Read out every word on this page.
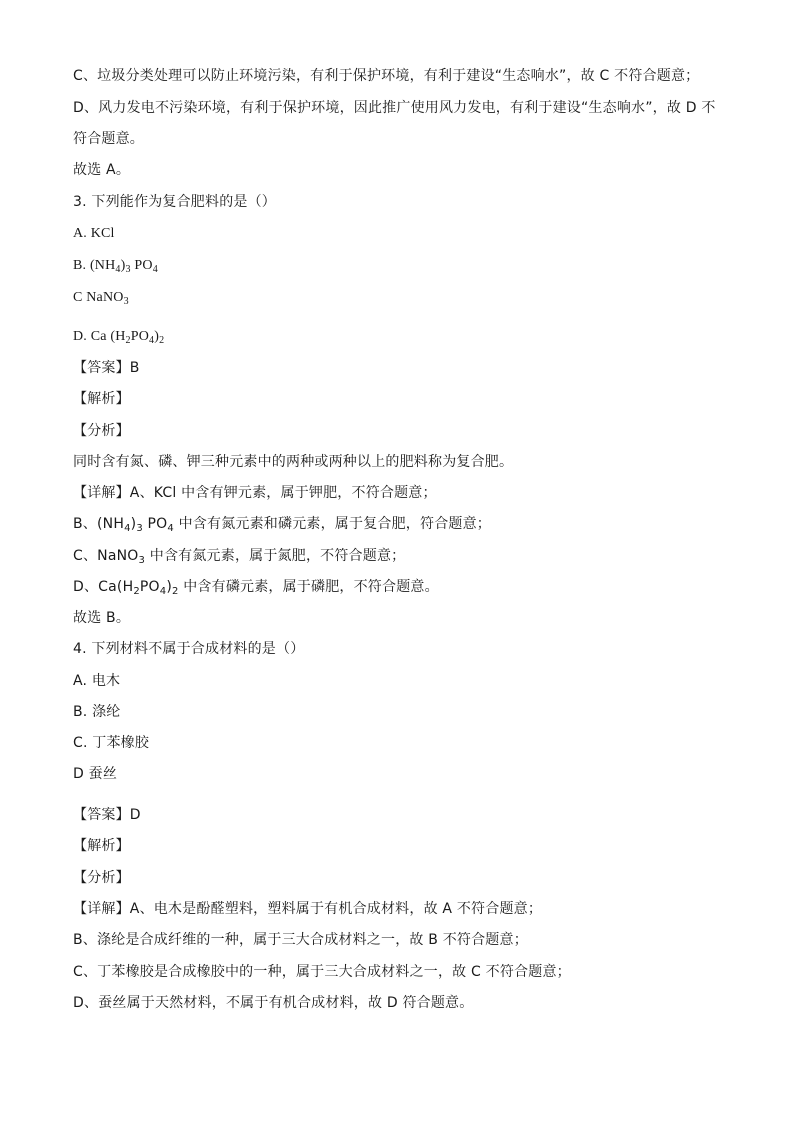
C、垃圾分类处理可以防止环境污染，有利于保护环境，有利于建设“生态响水”，故 C 不符合题意；
D、风力发电不污染环境，有利于保护环境，因此推广使用风力发电，有利于建设“生态响水”，故 D 不
符合题意。
故选 A。
3. 下列能作为复合肥料的是（）
A. KCl
B. $(NH_4)_3$ $PO_4$
C NaNO$_3$
D. Ca $(H_2PO_4)_2$
【答案】B
【解析】
【分析】
同时含有氮、磷、钾三种元素中的两种或两种以上的肥料称为复合肥。
【详解】A、KCl 中含有钾元素，属于钾肥，不符合题意；
B、$(NH_4)_3$ $PO_4$ 中含有氮元素和磷元素，属于复合肥，符合题意；
C、NaNO$_3$ 中含有氮元素，属于氮肥，不符合题意；
D、$Ca(H_2PO_4)_2$ 中含有磷元素，属于磷肥，不符合题意。
故选 B。
4. 下列材料不属于合成材料的是（）
A. 电木
B. 涤纶
C. 丁苯橡胶
D 蚕丝
【答案】D
【解析】
【分析】
【详解】A、电木是酚醛塑料，塑料属于有机合成材料，故 A 不符合题意；
B、涤纶是合成纤维的一种，属于三大合成材料之一，故 B 不符合题意；
C、丁苯橡胶是合成橡胶中的一种，属于三大合成材料之一，故 C 不符合题意；
D、蚕丝属于天然材料，不属于有机合成材料，故 D 符合题意。
